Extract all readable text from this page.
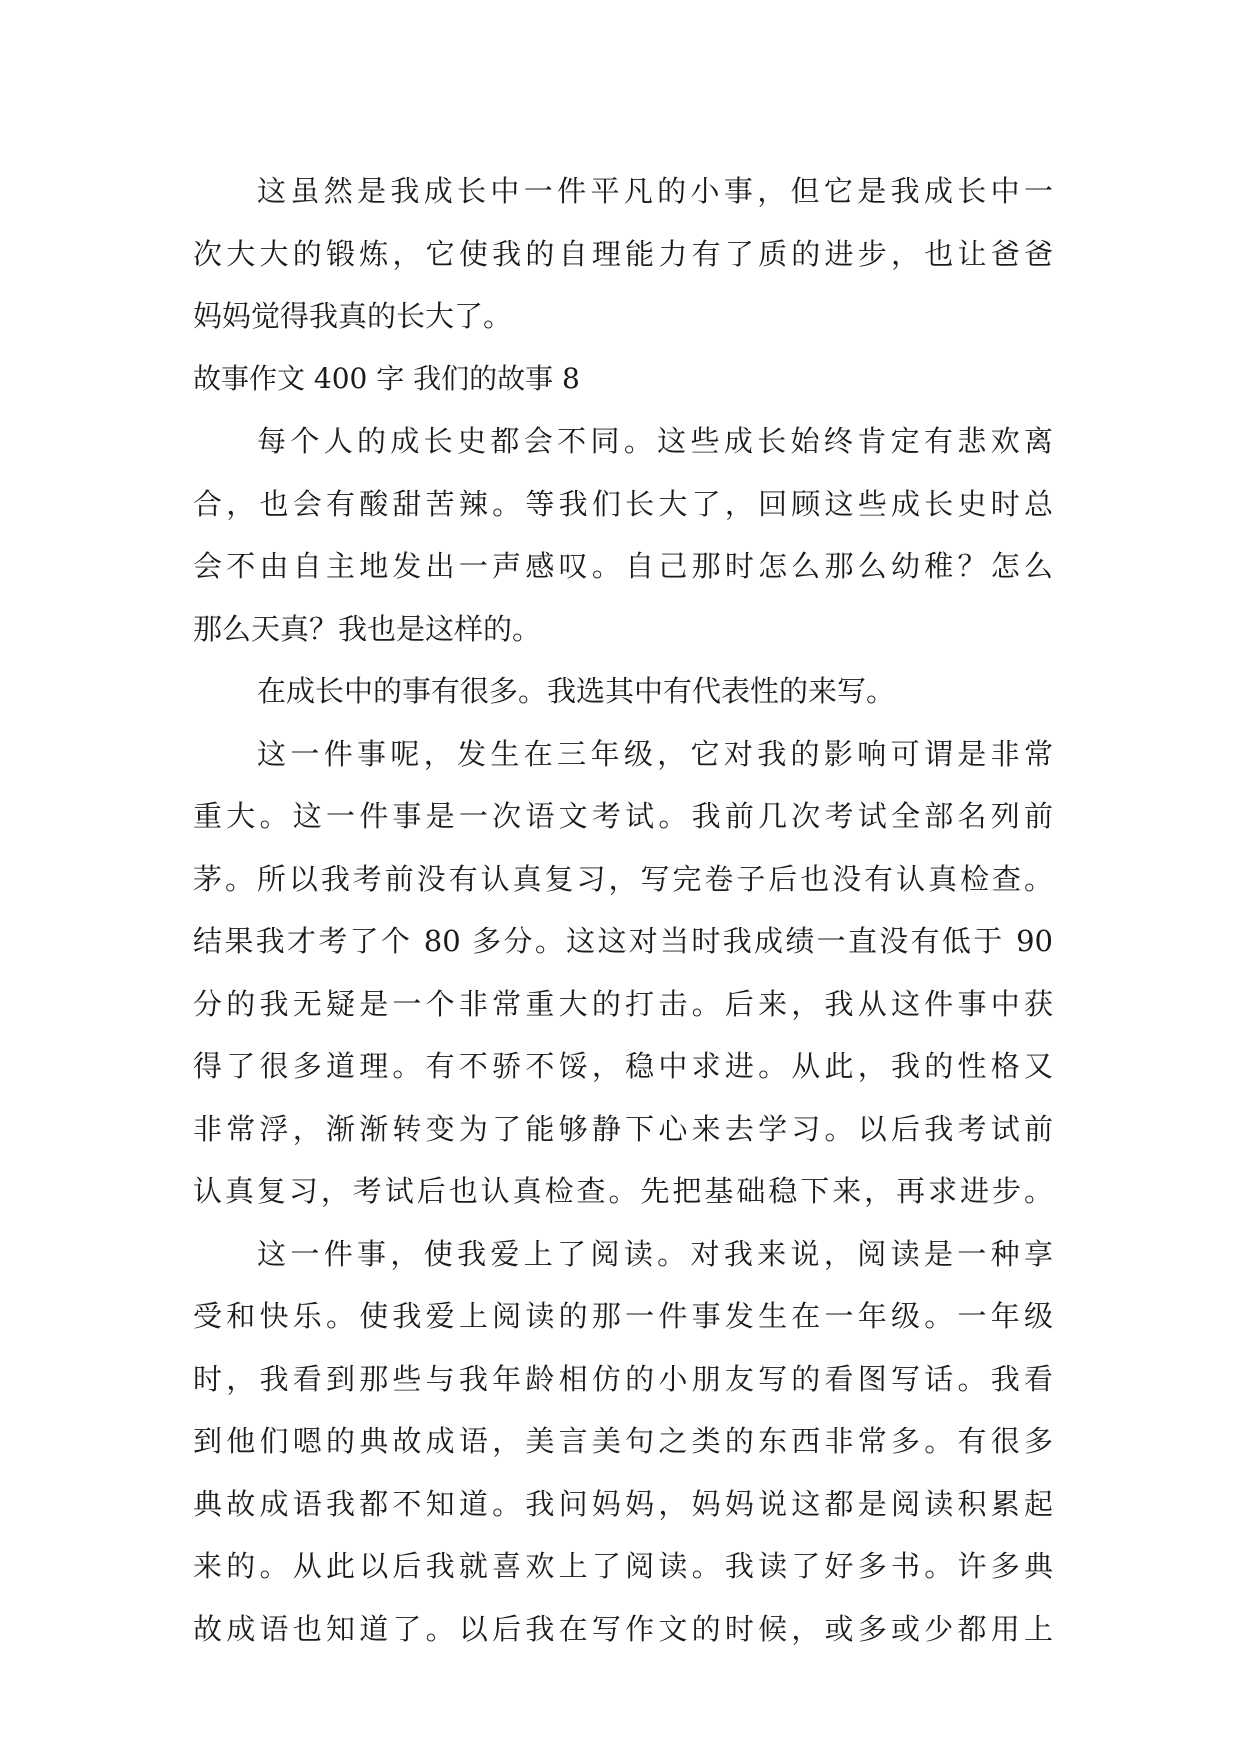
这虽然是我成长中一件平凡的小事，但它是我成长中一
次大大的锻炼，它使我的自理能力有了质的进步，也让爸爸
妈妈觉得我真的长大了。
故事作文 400 字 我们的故事 8
每个人的成长史都会不同。这些成长始终肯定有悲欢离
合，也会有酸甜苦辣。等我们长大了，回顾这些成长史时总
会不由自主地发出一声感叹。自己那时怎么那么幼稚？怎么
那么天真？我也是这样的。
在成长中的事有很多。我选其中有代表性的来写。
这一件事呢，发生在三年级，它对我的影响可谓是非常
重大。这一件事是一次语文考试。我前几次考试全部名列前
茅。所以我考前没有认真复习，写完卷子后也没有认真检查。
结果我才考了个 80 多分。这这对当时我成绩一直没有低于 90
分的我无疑是一个非常重大的打击。后来，我从这件事中获
得了很多道理。有不骄不馁，稳中求进。从此，我的性格又
非常浮，渐渐转变为了能够静下心来去学习。以后我考试前
认真复习，考试后也认真检查。先把基础稳下来，再求进步。
这一件事，使我爱上了阅读。对我来说，阅读是一种享
受和快乐。使我爱上阅读的那一件事发生在一年级。一年级
时，我看到那些与我年龄相仿的小朋友写的看图写话。我看
到他们嗯的典故成语，美言美句之类的东西非常多。有很多
典故成语我都不知道。我问妈妈，妈妈说这都是阅读积累起
来的。从此以后我就喜欢上了阅读。我读了好多书。许多典
故成语也知道了。以后我在写作文的时候，或多或少都用上
